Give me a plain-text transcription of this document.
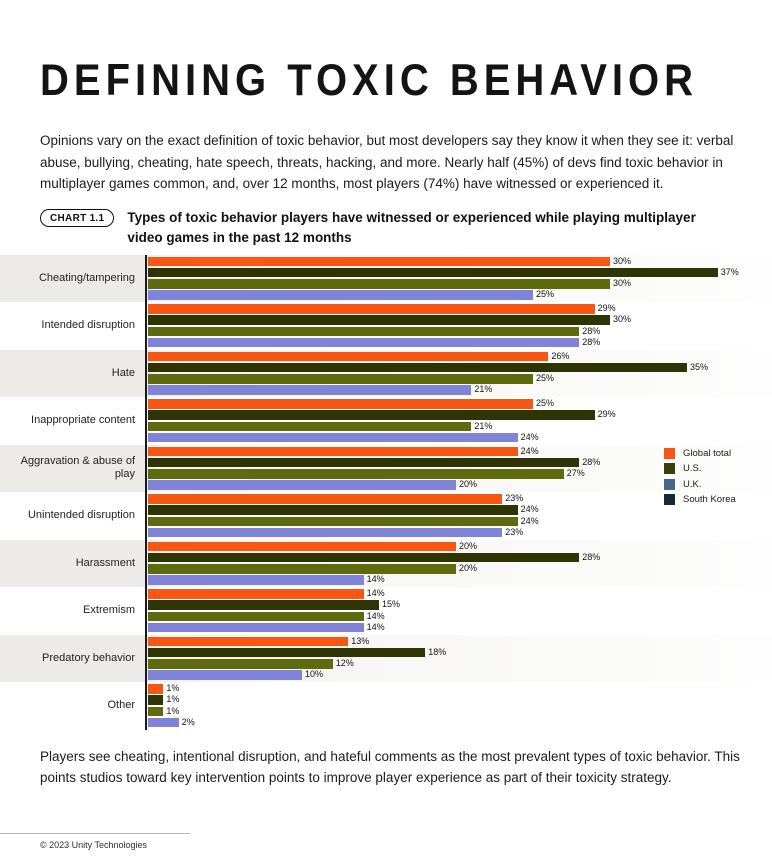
DEFINING TOXIC BEHAVIOR

Opinions vary on the exact definition of toxic behavior, but most developers say they know it when they see it: verbal abuse, bullying, cheating, hate speech, threats, hacking, and more. Nearly half (45%) of devs find toxic behavior in multiplayer games common, and, over 12 months, most players (74%) have witnessed or experienced it.

CHART 1.1	Types of toxic behavior players have witnessed or experienced while playing multiplayer video games in the past 12 months
Cheating/tampering
30%
37%
30%
25%
Intended disruption
29%
30%
28%
28%
Hate
26%
35%
25%
21%
Inappropriate content
25%
29%
21%
24%
Aggravation & abuse of play
24%
28%
27%
20%
Unintended disruption
23%
24%
24%
23%
Harassment
20%
28%
20%
14%
Extremism
14%
15%
14%
14%
Predatory behavior
13%
18%
12%
10%
Other
1%
1%
1%
2%
Global total
U.S.
U.K.
South Korea

Players see cheating, intentional disruption, and hateful comments as the most prevalent types of toxic behavior. This points studios toward key intervention points to improve player experience as part of their toxicity strategy.

© 2023 Unity Technologies
